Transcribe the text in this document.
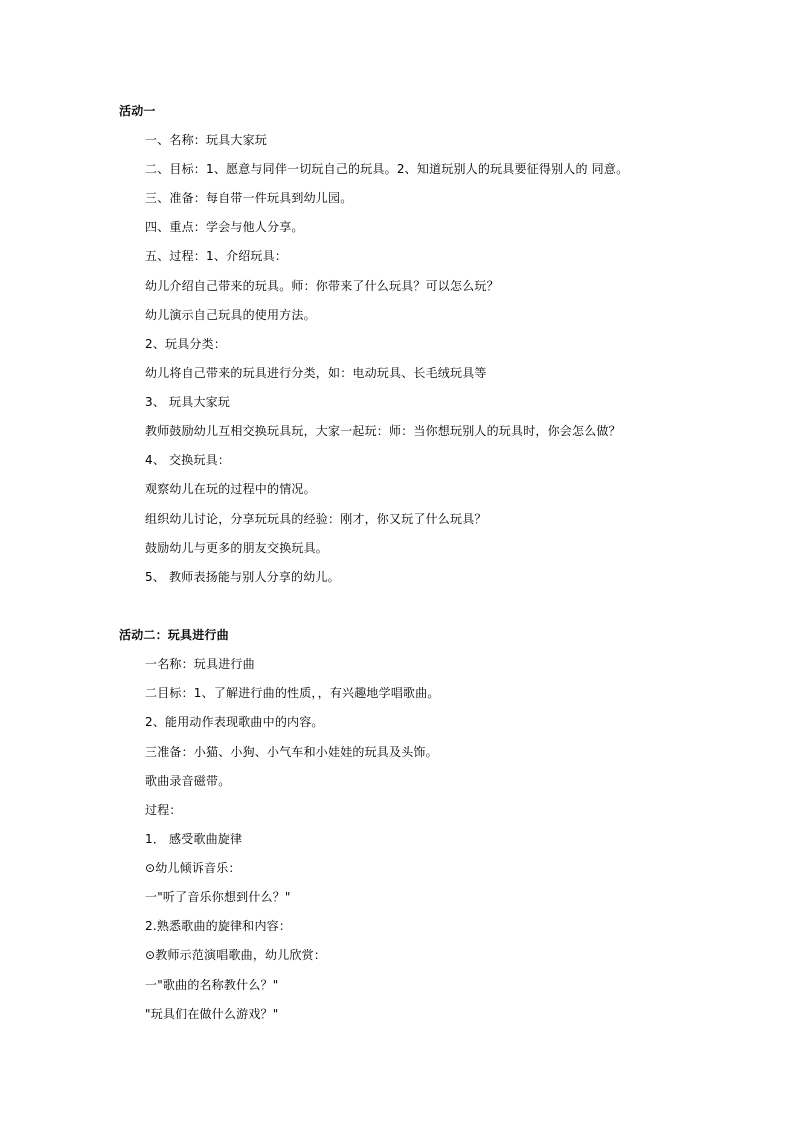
活动一
一、名称：玩具大家玩
二、目标：1、愿意与同伴一切玩自己的玩具。2、知道玩别人的玩具要征得别人的 同意。
三、准备：每自带一件玩具到幼儿园。
四、重点：学会与他人分享。
五、过程：1、介绍玩具：
幼儿介绍自己带来的玩具。师：你带来了什么玩具？可以怎么玩？
幼儿演示自己玩具的使用方法。
2、玩具分类：
幼儿将自己带来的玩具进行分类，如：电动玩具、长毛绒玩具等
3、 玩具大家玩
教师鼓励幼儿互相交换玩具玩，大家一起玩：师：当你想玩别人的玩具时，你会怎么做？
4、 交换玩具：
观察幼儿在玩的过程中的情况。
组织幼儿讨论，分享玩玩具的经验：刚才，你又玩了什么玩具？
鼓励幼儿与更多的朋友交换玩具。
5、 教师表扬能与别人分享的幼儿。
活动二：玩具进行曲
一名称：玩具进行曲
二目标：1、了解进行曲的性质，，有兴趣地学唱歌曲。
2、能用动作表现歌曲中的内容。
三准备：小猫、小狗、小气车和小娃娃的玩具及头饰。
歌曲录音磁带。
过程：
1． 感受歌曲旋律
⊙幼儿倾诉音乐：
一"听了音乐你想到什么？"
2.熟悉歌曲的旋律和内容：
⊙教师示范演唱歌曲，幼儿欣赏：
一"歌曲的名称教什么？"
"玩具们在做什么游戏？"
